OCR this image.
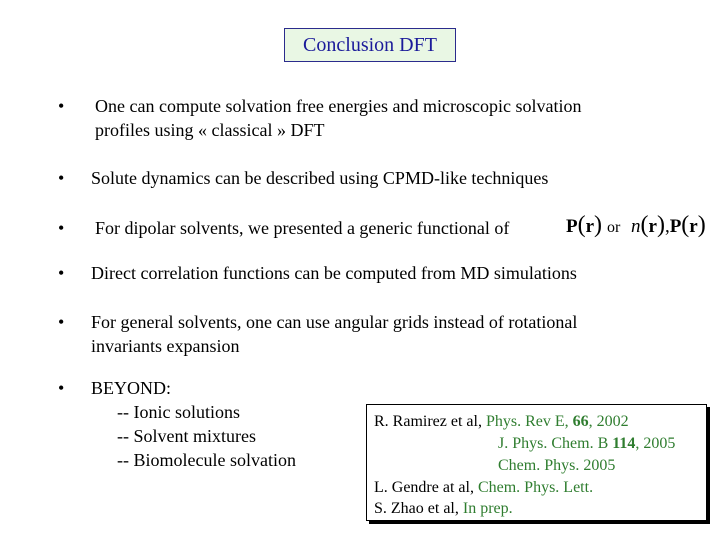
Conclusion DFT
• One can compute solvation free energies and microscopic solvation
profiles using « classical » DFT
• Solute dynamics can be described using CPMD-like techniques
• For dipolar solvents, we presented a generic functional of	P(r) or n(r),P(r)
• Direct correlation functions can be computed from MD simulations
• For general solvents, one can use angular grids instead of rotational
invariants expansion
• BEYOND:
-- Ionic solutions
-- Solvent mixtures
-- Biomolecule solvation
R. Ramirez et al, Phys. Rev E, 66, 2002
J. Phys. Chem. B 114, 2005
Chem. Phys. 2005
L. Gendre at al, Chem. Phys. Lett.
S. Zhao et al, In prep.
